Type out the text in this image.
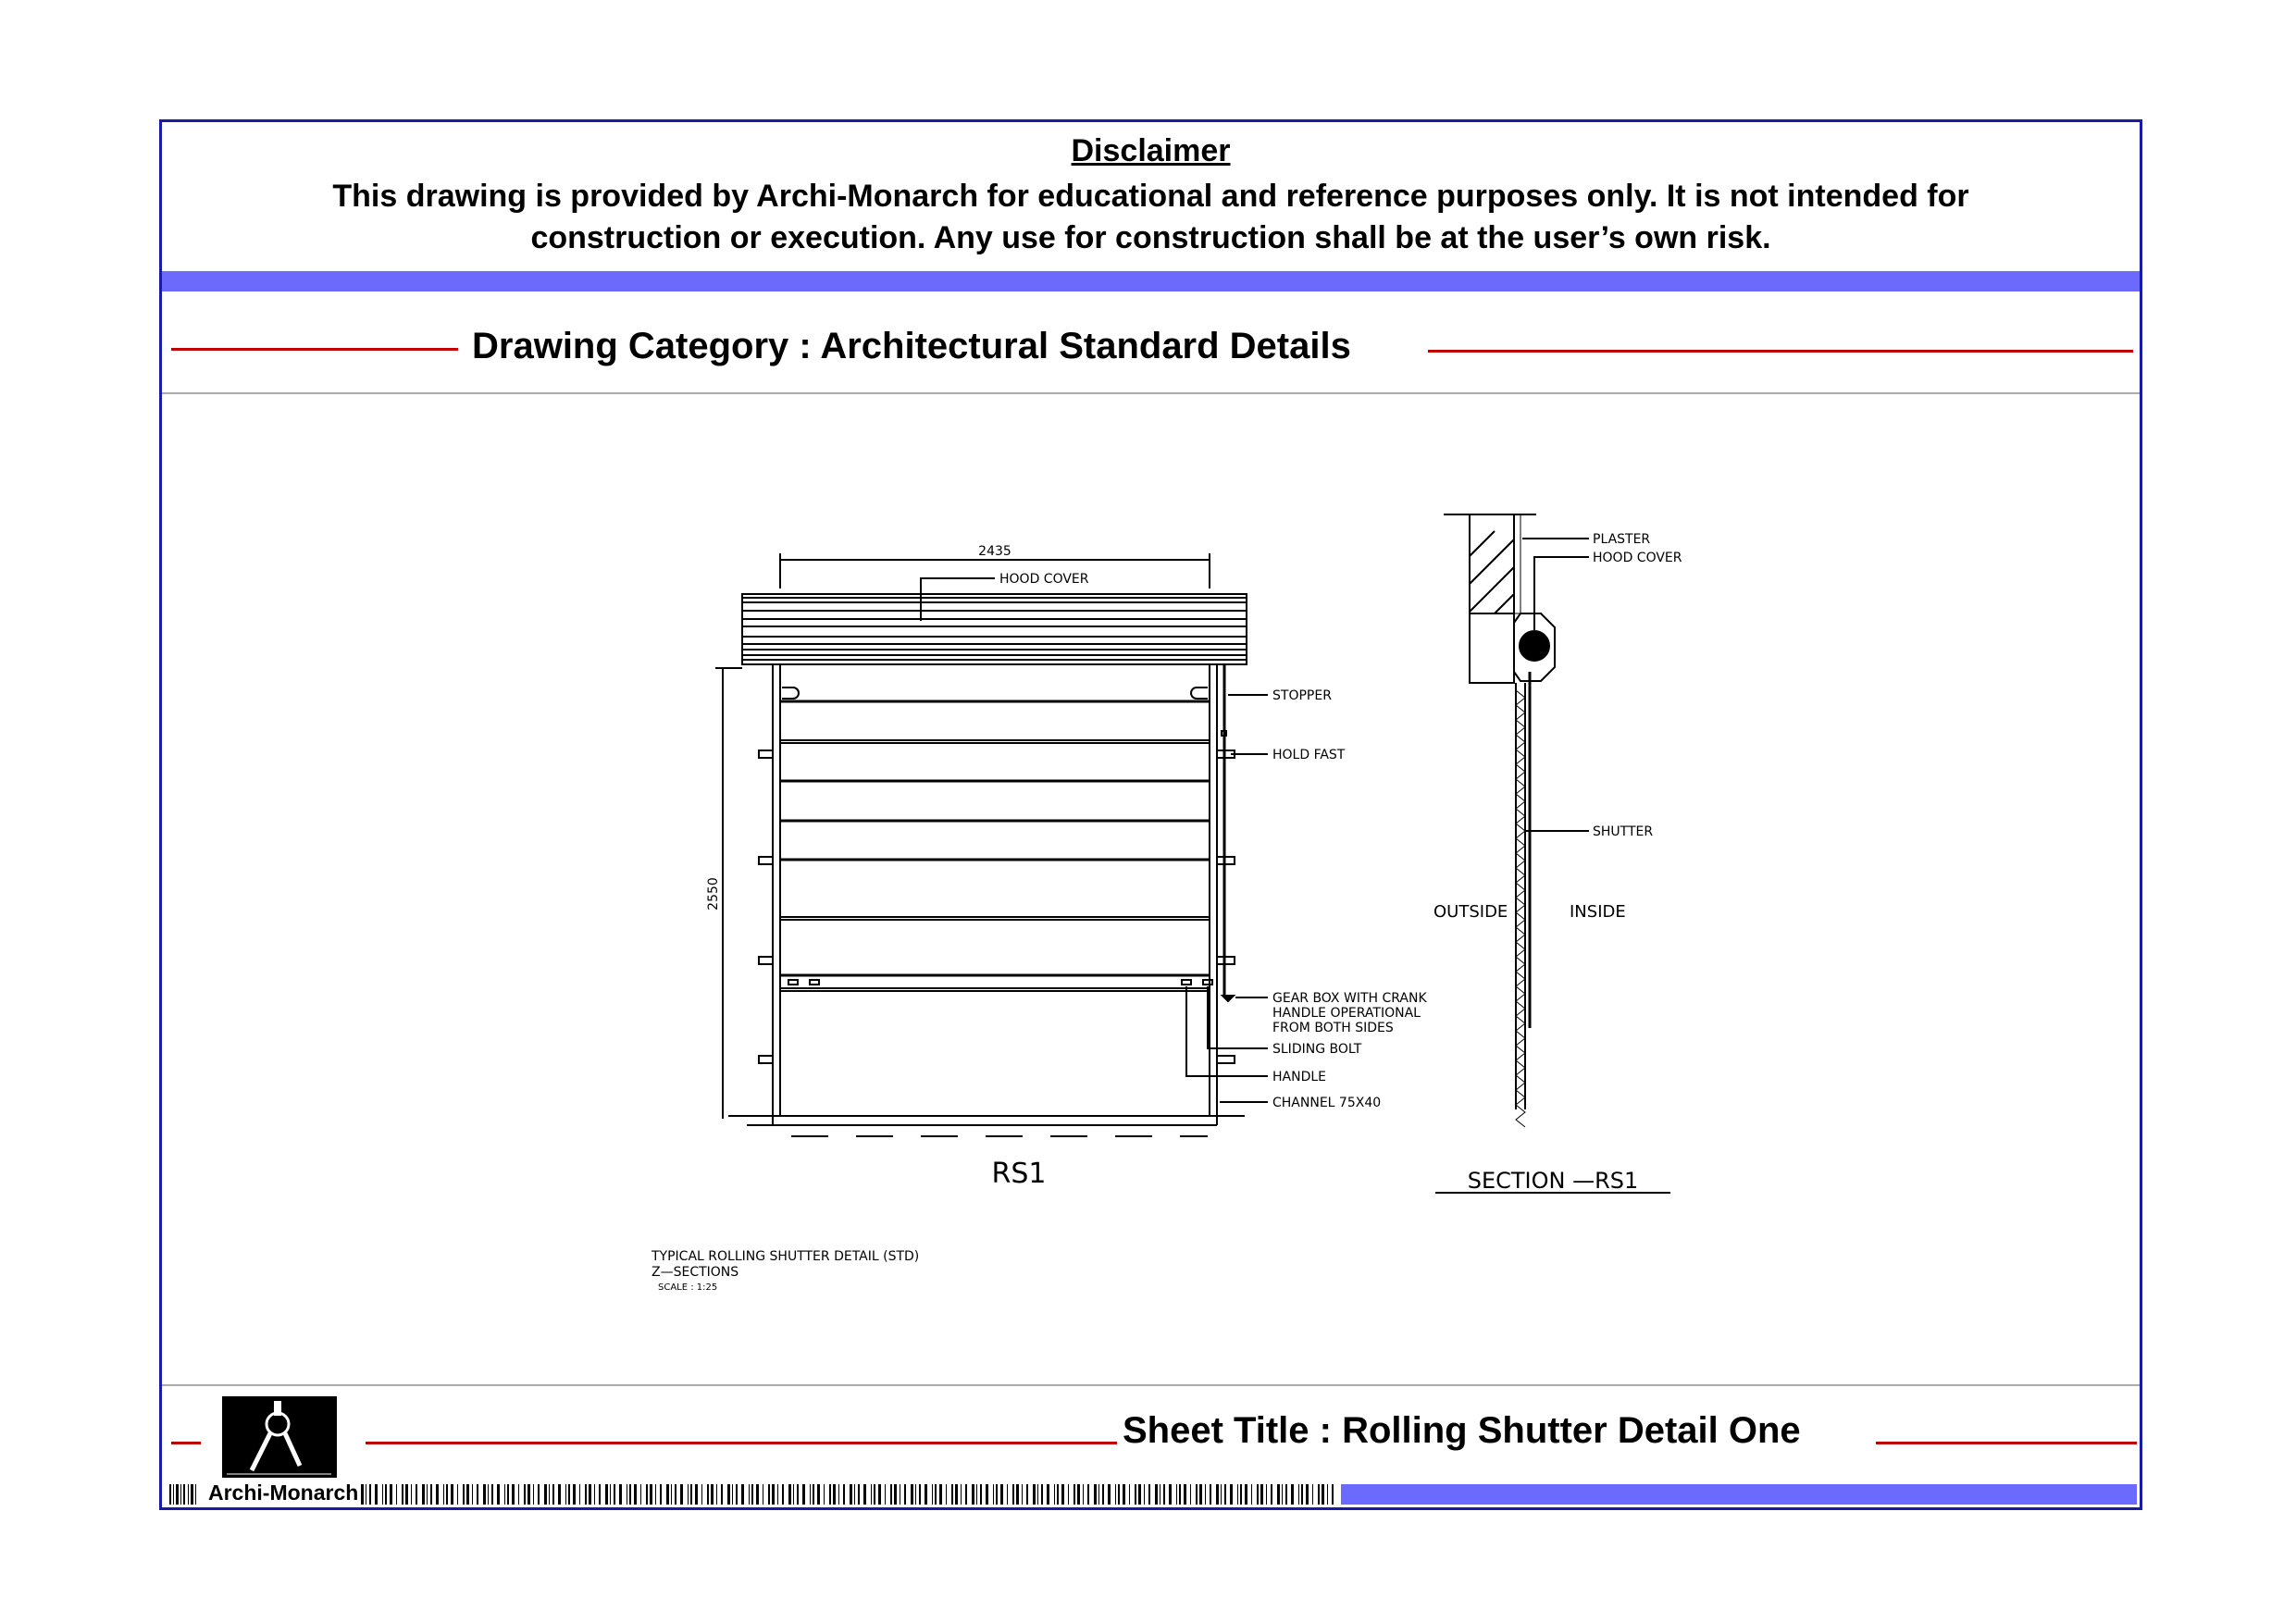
Disclaimer
This drawing is provided by Archi-Monarch for educational and reference purposes only. It is not intended for
construction or execution. Any use for construction shall be at the user’s own risk.
Drawing Category : Architectural Standard Details
2435
2550
HOOD COVER
STOPPER
HOLD FAST
GEAR BOX WITH CRANK
HANDLE OPERATIONAL
FROM BOTH SIDES
SLIDING BOLT
HANDLE
CHANNEL 75X40
RS1
PLASTER
HOOD COVER
SHUTTER
OUTSIDE	INSIDE
SECTION —RS1
TYPICAL ROLLING SHUTTER DETAIL (STD)
Z—SECTIONS
SCALE : 1:25
Sheet Title : Rolling Shutter Detail One
Archi-Monarch
